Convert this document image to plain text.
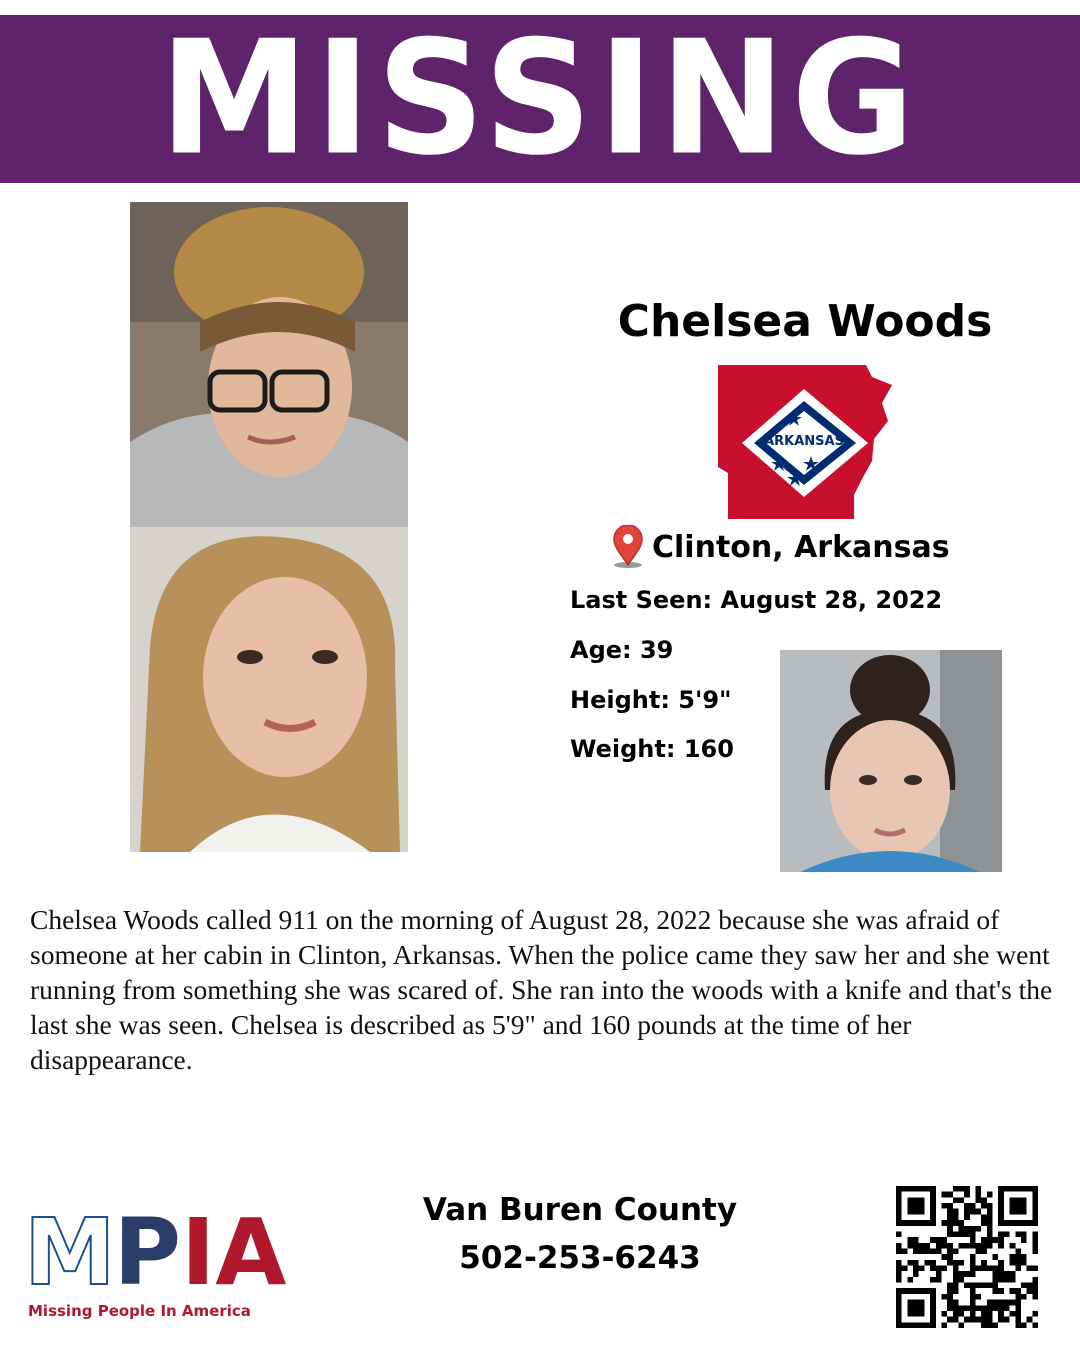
MISSING
Chelsea Woods
ARKANSAS
Clinton, Arkansas
Last Seen: August 28, 2022
Age: 39
Height: 5'9"
Weight: 160
Chelsea Woods called 911 on the morning of August 28, 2022 because she was afraid of someone at her cabin in Clinton, Arkansas. When the police came they saw her and she went running from something she was scared of. She ran into the woods with a knife and that's the last she was seen. Chelsea is described as 5'9" and 160 pounds at the time of her disappearance.
M P I A
Missing People In America
Van Buren County
502-253-6243
